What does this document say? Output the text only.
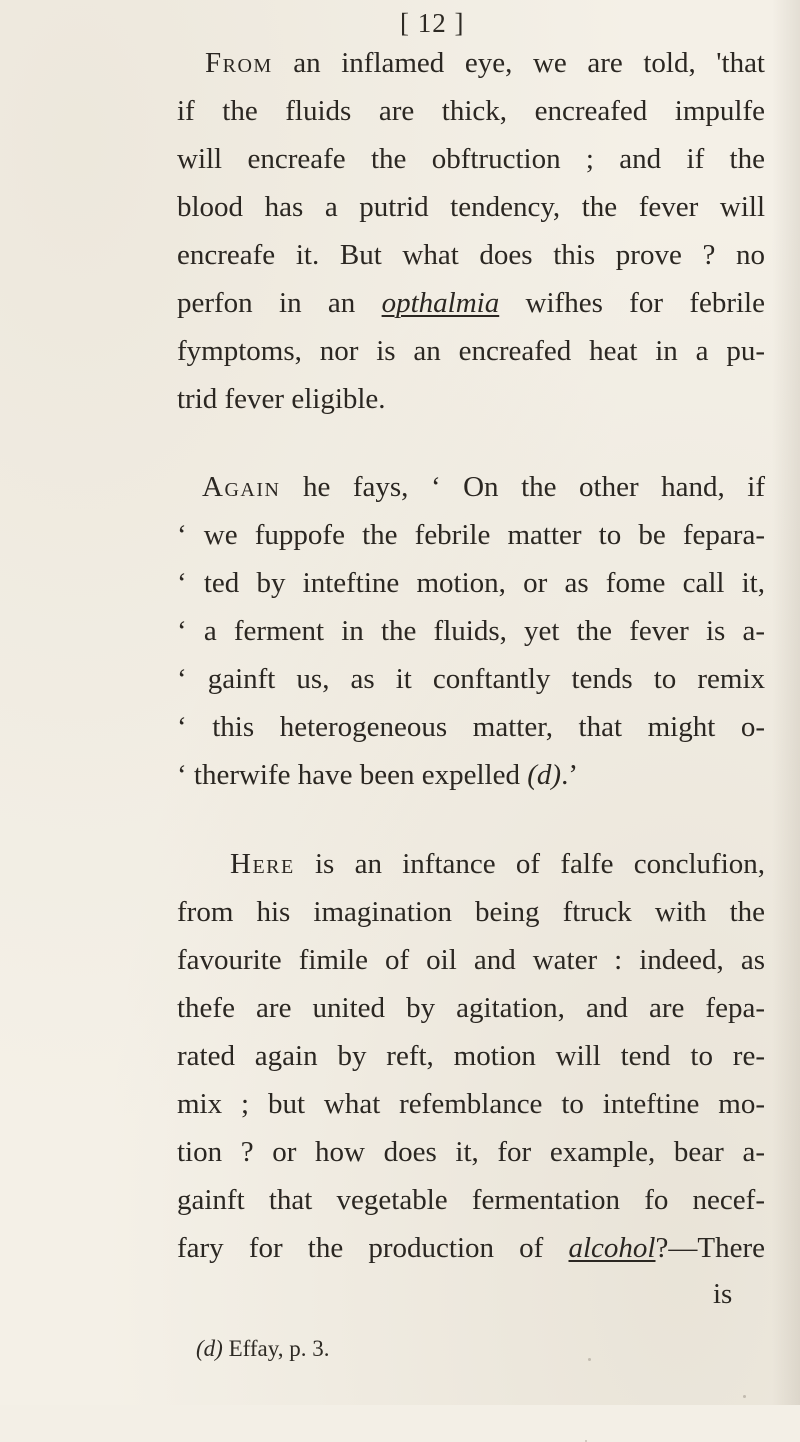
[ 12 ]
From an inflamed eye, we are told, 'that
if the fluids are thick, encreafed impulfe
will encreafe the obftruction ; and if the
blood has a putrid tendency, the fever will
encreafe it. But what does this prove ? no
perfon in an opthalmia wifhes for febrile
fymptoms, nor is an encreafed heat in a pu-
trid fever eligible.
Again he fays, ‘ On the other hand, if
‘ we fuppofe the febrile matter to be fepara-
‘ ted by inteftine motion, or as fome call it,
‘ a ferment in the fluids, yet the fever is a-
‘ gainft us, as it conftantly tends to remix
‘ this heterogeneous matter, that might o-
‘ therwife have been expelled (d).’
Here is an inftance of falfe conclufion,
from his imagination being ftruck with the
favourite fimile of oil and water : indeed, as
thefe are united by agitation, and are fepa-
rated again by reft, motion will tend to re-
mix ; but what refemblance to inteftine mo-
tion ? or how does it, for example, bear a-
gainft that vegetable fermentation fo necef-
fary for the production of alcohol?—There
is
(d) Effay, p. 3.
